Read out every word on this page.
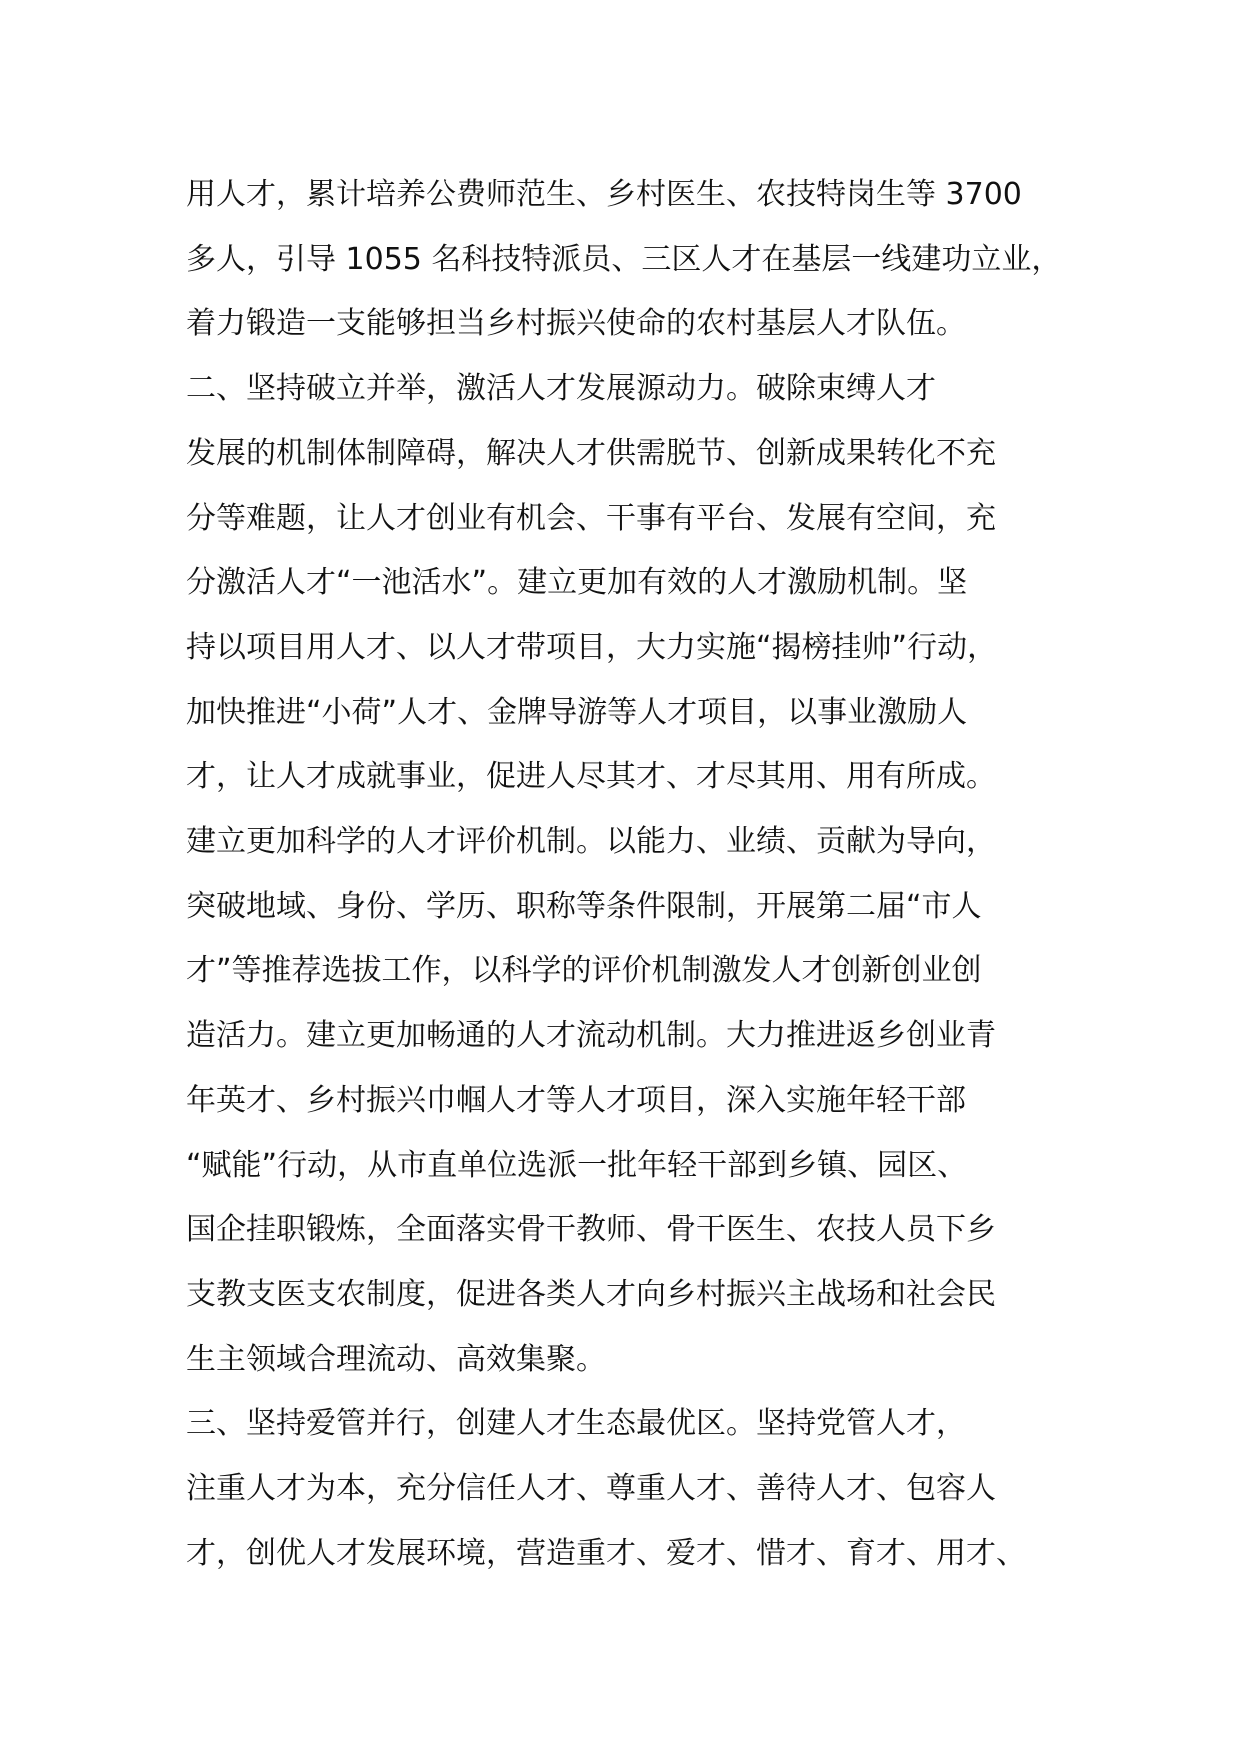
用人才，累计培养公费师范生、乡村医生、农技特岗生等 3700
多人，引导 1055 名科技特派员、三区人才在基层一线建功立业，
着力锻造一支能够担当乡村振兴使命的农村基层人才队伍。
二、坚持破立并举，激活人才发展源动力。破除束缚人才
发展的机制体制障碍，解决人才供需脱节、创新成果转化不充
分等难题，让人才创业有机会、干事有平台、发展有空间，充
分激活人才“一池活水”。建立更加有效的人才激励机制。坚
持以项目用人才、以人才带项目，大力实施“揭榜挂帅”行动，
加快推进“小荷”人才、金牌导游等人才项目，以事业激励人
才，让人才成就事业，促进人尽其才、才尽其用、用有所成。
建立更加科学的人才评价机制。以能力、业绩、贡献为导向，
突破地域、身份、学历、职称等条件限制，开展第二届“市人
才”等推荐选拔工作，以科学的评价机制激发人才创新创业创
造活力。建立更加畅通的人才流动机制。大力推进返乡创业青
年英才、乡村振兴巾帼人才等人才项目，深入实施年轻干部
“赋能”行动，从市直单位选派一批年轻干部到乡镇、园区、
国企挂职锻炼，全面落实骨干教师、骨干医生、农技人员下乡
支教支医支农制度，促进各类人才向乡村振兴主战场和社会民
生主领域合理流动、高效集聚。
三、坚持爱管并行，创建人才生态最优区。坚持党管人才，
注重人才为本，充分信任人才、尊重人才、善待人才、包容人
才，创优人才发展环境，营造重才、爱才、惜才、育才、用才、
